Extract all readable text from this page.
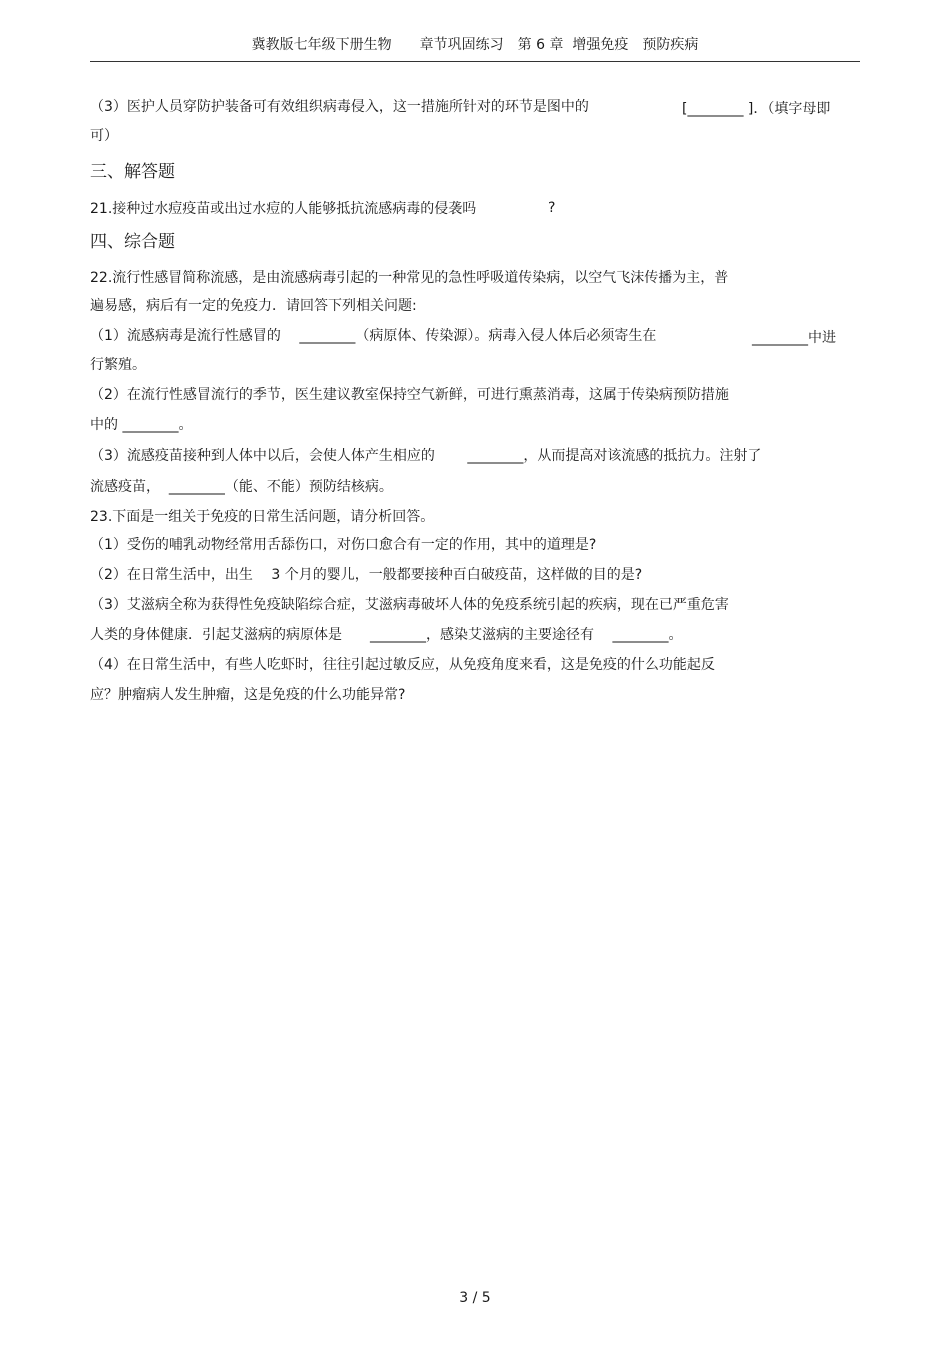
冀教版七年级下册生物　　章节巩固练习　第 6 章  增强免疫　预防疾病
（3）医护人员穿防护装备可有效组织病毒侵入，这一措施所针对的环节是图中的	[________ ]．（填字母即
可）
三、解答题
21.接种过水痘疫苗或出过水痘的人能够抵抗流感病毒的侵袭吗	?
四、综合题
22.流行性感冒简称流感，是由流感病毒引起的一种常见的急性呼吸道传染病，以空气飞沫传播为主，普
遍易感，病后有一定的免疫力．请回答下列相关问题:
（1）流感病毒是流行性感冒的　 ________（病原体、传染源）。病毒入侵人体后必须寄生在	________中进
行繁殖。
（2）在流行性感冒流行的季节，医生建议教室保持空气新鲜，可进行熏蒸消毒，这属于传染病预防措施
中的 ________。
（3）流感疫苗接种到人体中以后，会使人体产生相应的　　 ________，从而提高对该流感的抵抗力。注射了
流感疫苗，  ________（能、不能）预防结核病。
23.下面是一组关于免疫的日常生活问题，请分析回答。
（1）受伤的哺乳动物经常用舌舔伤口，对伤口愈合有一定的作用，其中的道理是?
（2）在日常生活中，出生　 3 个月的婴儿，一般都要接种百白破疫苗，这样做的目的是?
（3）艾滋病全称为获得性免疫缺陷综合症，艾滋病毒破坏人体的免疫系统引起的疾病，现在已严重危害
人类的身体健康．引起艾滋病的病原体是　　________，感染艾滋病的主要途径有　 ________。
（4）在日常生活中，有些人吃虾时，往往引起过敏反应，从免疫角度来看，这是免疫的什么功能起反
应？肿瘤病人发生肿瘤，这是免疫的什么功能异常?
3 / 5
